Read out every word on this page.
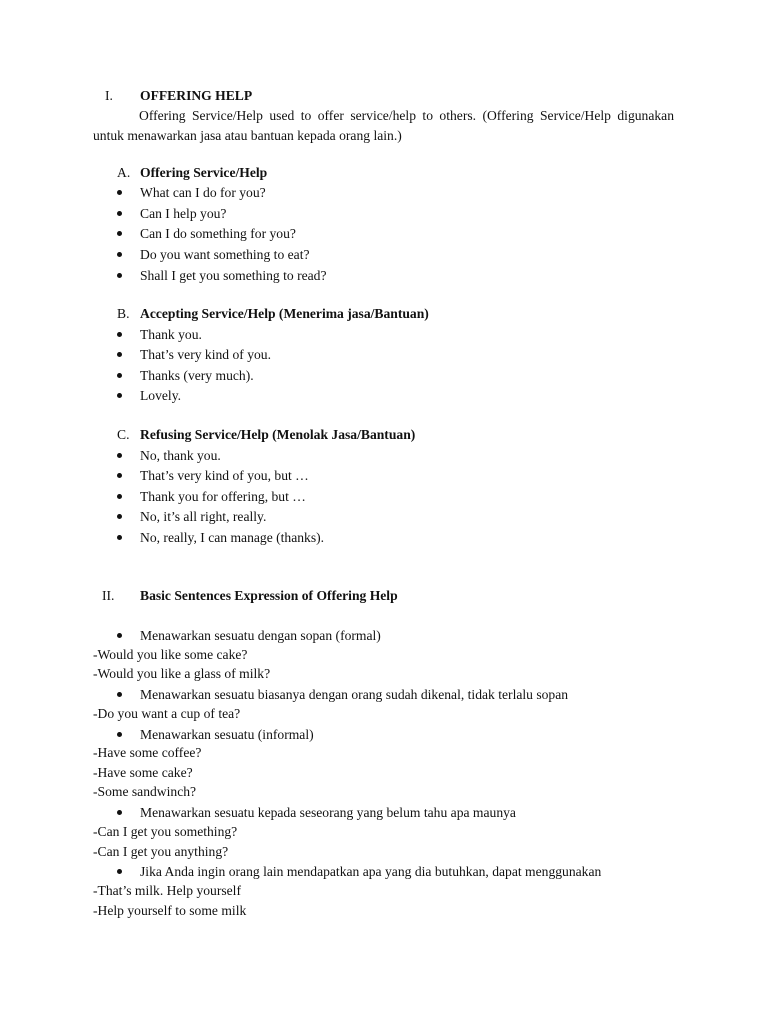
I. OFFERING HELP
Offering Service/Help used to offer service/help to others. (Offering Service/Help digunakan untuk menawarkan jasa atau bantuan kepada orang lain.)
A. Offering Service/Help
What can I do for you?
Can I help you?
Can I do something for you?
Do you want something to eat?
Shall I get you something to read?
B. Accepting Service/Help (Menerima jasa/Bantuan)
Thank you.
That’s very kind of you.
Thanks (very much).
Lovely.
C. Refusing Service/Help (Menolak Jasa/Bantuan)
No, thank you.
That’s very kind of you, but …
Thank you for offering, but …
No, it’s all right, really.
No, really, I can manage (thanks).
II. Basic Sentences Expression of Offering Help
Menawarkan sesuatu dengan sopan (formal)
-Would you like some cake?
-Would you like a glass of milk?
Menawarkan sesuatu biasanya dengan orang sudah dikenal, tidak terlalu sopan
-Do you want a cup of tea?
Menawarkan sesuatu (informal)
-Have some coffee?
-Have some cake?
-Some sandwinch?
Menawarkan sesuatu kepada seseorang yang belum tahu apa maunya
-Can I get you something?
-Can I get you anything?
Jika Anda ingin orang lain mendapatkan apa yang dia butuhkan, dapat menggunakan
-That’s milk. Help yourself
-Help yourself to some milk
